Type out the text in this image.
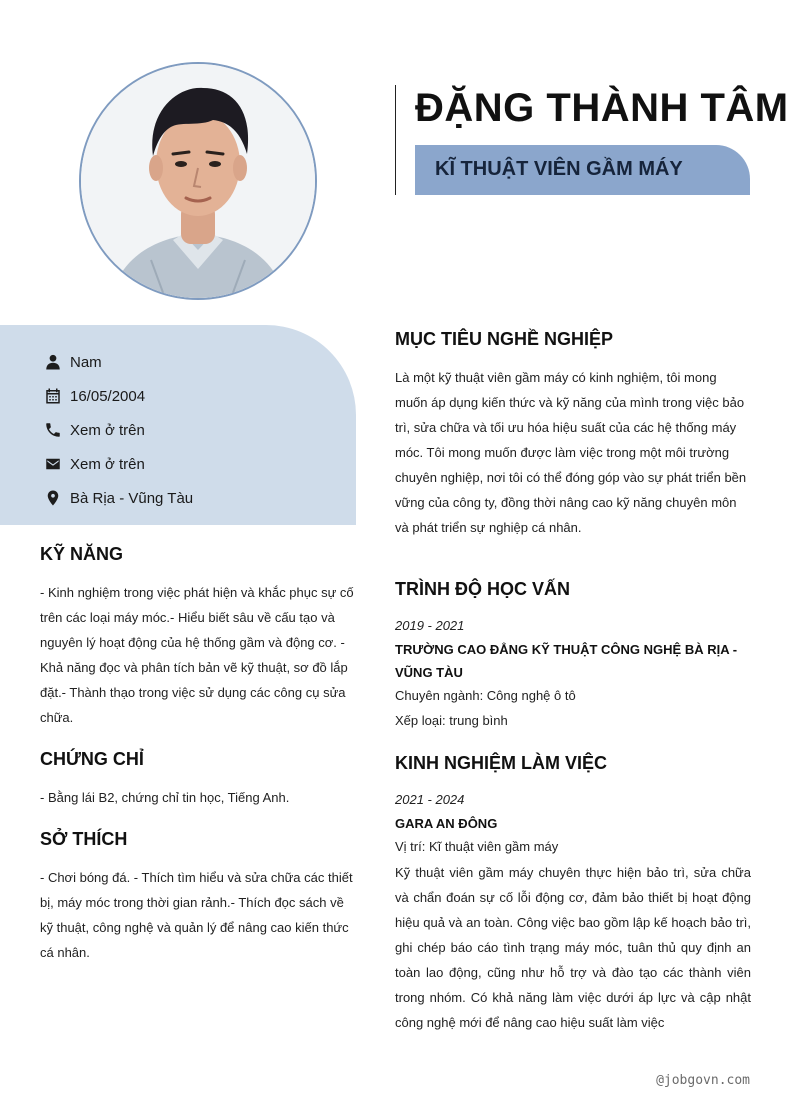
ĐẶNG THÀNH TÂM
KĨ THUẬT VIÊN GẦM MÁY
Nam
16/05/2004
Xem ở trên
Xem ở trên
Bà Rịa - Vũng Tàu
KỸ NĂNG

- Kinh nghiệm trong việc phát hiện và khắc phục sự cố trên các loại máy móc.- Hiểu biết sâu về cấu tạo và nguyên lý hoạt động của hệ thống gầm và động cơ. - Khả năng đọc và phân tích bản vẽ kỹ thuật, sơ đồ lắp đặt.- Thành thạo trong việc sử dụng các công cụ sửa chữa.

CHỨNG CHỈ

- Bằng lái B2, chứng chỉ tin học, Tiếng Anh.

SỞ THÍCH

- Chơi bóng đá. - Thích tìm hiểu và sửa chữa các thiết bị, máy móc trong thời gian rảnh.- Thích đọc sách về kỹ thuật, công nghệ và quản lý để nâng cao kiến thức cá nhân.

MỤC TIÊU NGHỀ NGHIỆP

Là một kỹ thuật viên gầm máy có kinh nghiệm, tôi mong muốn áp dụng kiến thức và kỹ năng của mình trong việc bảo trì, sửa chữa và tối ưu hóa hiệu suất của các hệ thống máy móc. Tôi mong muốn được làm việc trong một môi trường chuyên nghiệp, nơi tôi có thể đóng góp vào sự phát triển bền vững của công ty, đồng thời nâng cao kỹ năng chuyên môn và phát triển sự nghiệp cá nhân.

TRÌNH ĐỘ HỌC VẤN
2019 - 2021
TRƯỜNG CAO ĐẲNG KỸ THUẬT CÔNG NGHỆ BÀ RỊA - VŨNG TÀU
Chuyên ngành: Công nghệ ô tô
Xếp loại: trung bình
KINH NGHIỆM LÀM VIỆC
2021 - 2024
GARA AN ĐÔNG
Vị trí: Kĩ thuật viên gầm máy

Kỹ thuật viên gầm máy chuyên thực hiện bảo trì, sửa chữa và chẩn đoán sự cố lỗi động cơ, đảm bảo thiết bị hoạt động hiệu quả và an toàn. Công việc bao gồm lập kế hoạch bảo trì, ghi chép báo cáo tình trạng máy móc, tuân thủ quy định an toàn lao động, cũng như hỗ trợ và đào tạo các thành viên trong nhóm. Có khả năng làm việc dưới áp lực và cập nhật công nghệ mới để nâng cao hiệu suất làm việc

@jobgovn.com
